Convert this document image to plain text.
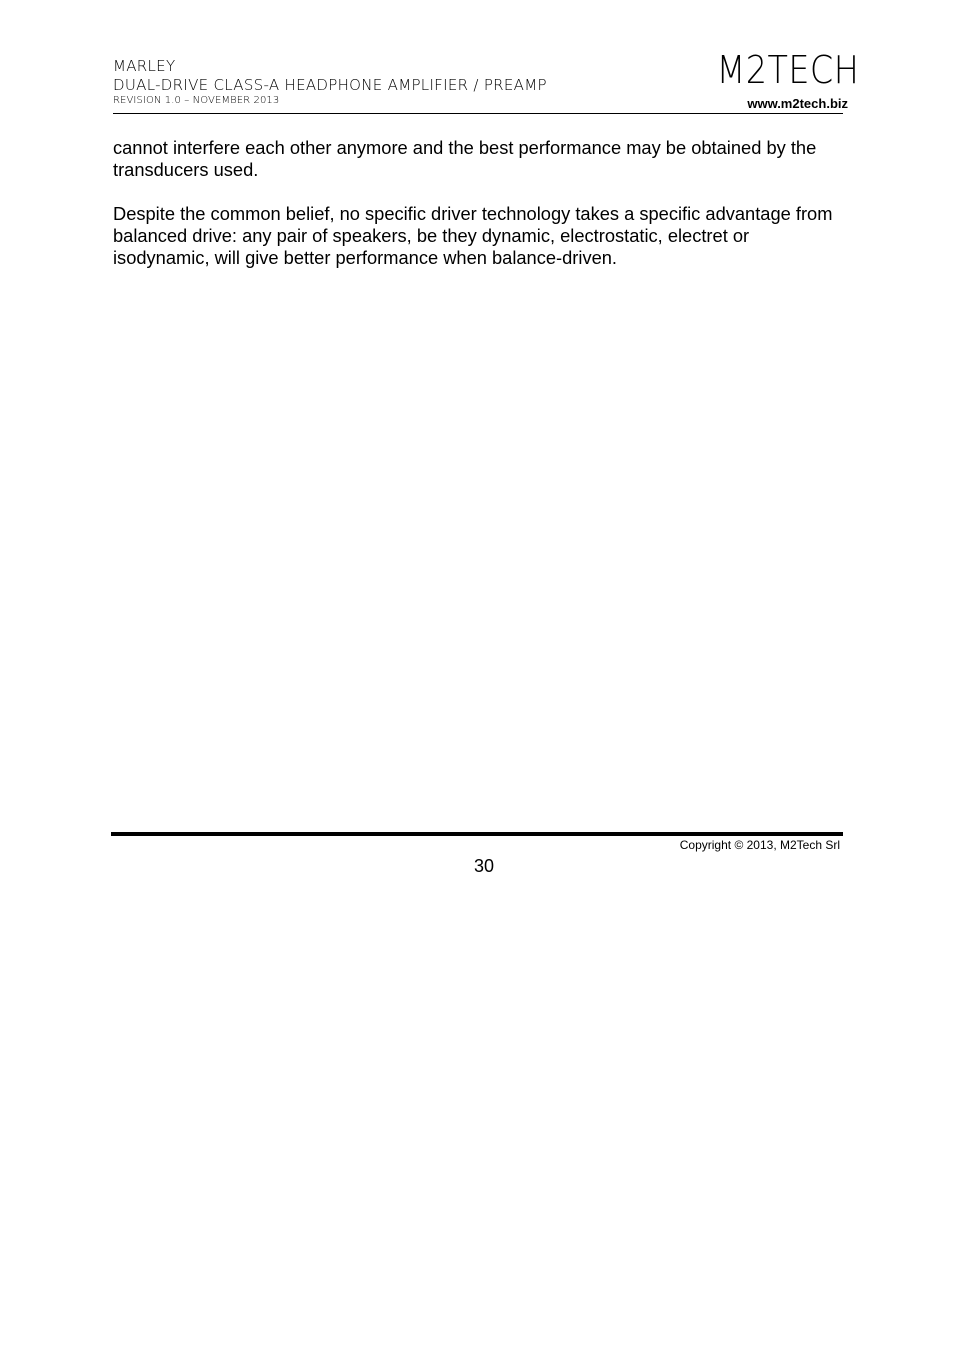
MARLEY
DUAL-DRIVE CLASS-A HEADPHONE AMPLIFIER / PREAMP
REVISION 1.0 – NOVEMBER 2013
M2TECH
www.m2tech.biz

cannot interfere each other anymore and the best performance may be obtained by the transducers used.

Despite the common belief, no specific driver technology takes a specific advantage from balanced drive: any pair of speakers, be they dynamic, electrostatic, electret or isodynamic, will give better performance when balance-driven.

Copyright © 2013, M2Tech Srl
30
